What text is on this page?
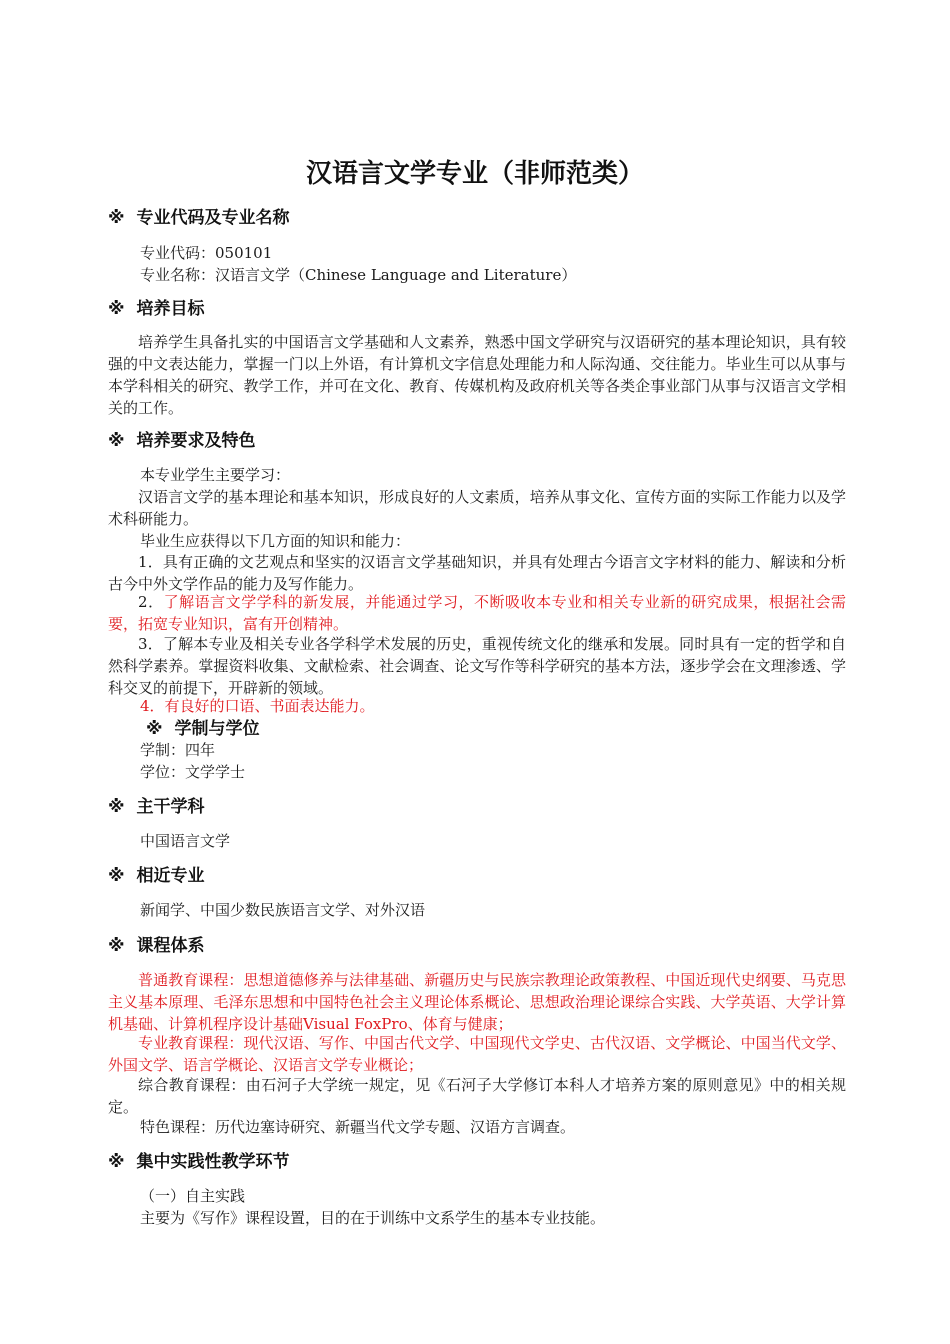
汉语言文学专业（非师范类）
※ 专业代码及专业名称
专业代码：050101
专业名称：汉语言文学（Chinese Language and Literature）
※ 培养目标
培养学生具备扎实的中国语言文学基础和人文素养，熟悉中国文学研究与汉语研究的基本理论知识，具有较强的中文表达能力，掌握一门以上外语，有计算机文字信息处理能力和人际沟通、交往能力。毕业生可以从事与本学科相关的研究、教学工作，并可在文化、教育、传媒机构及政府机关等各类企事业部门从事与汉语言文学相关的工作。
※ 培养要求及特色
本专业学生主要学习：
汉语言文学的基本理论和基本知识，形成良好的人文素质，培养从事文化、宣传方面的实际工作能力以及学术科研能力。
毕业生应获得以下几方面的知识和能力：
1．具有正确的文艺观点和坚实的汉语言文学基础知识，并具有处理古今语言文字材料的能力、解读和分析古今中外文学作品的能力及写作能力。
2．了解语言文学学科的新发展，并能通过学习，不断吸收本专业和相关专业新的研究成果，根据社会需要，拓宽专业知识，富有开创精神。
3．了解本专业及相关专业各学科学术发展的历史，重视传统文化的继承和发展。同时具有一定的哲学和自然科学素养。掌握资料收集、文献检索、社会调查、论文写作等科学研究的基本方法，逐步学会在文理渗透、学科交叉的前提下，开辟新的领域。
4．有良好的口语、书面表达能力。
※ 学制与学位
学制：四年
学位：文学学士
※ 主干学科
中国语言文学
※ 相近专业
新闻学、中国少数民族语言文学、对外汉语
※ 课程体系
普通教育课程：思想道德修养与法律基础、新疆历史与民族宗教理论政策教程、中国近现代史纲要、马克思主义基本原理、毛泽东思想和中国特色社会主义理论体系概论、思想政治理论课综合实践、大学英语、大学计算机基础、计算机程序设计基础Visual FoxPro、体育与健康；
专业教育课程：现代汉语、写作、中国古代文学、中国现代文学史、古代汉语、文学概论、中国当代文学、外国文学、语言学概论、汉语言文学专业概论；
综合教育课程：由石河子大学统一规定，见《石河子大学修订本科人才培养方案的原则意见》中的相关规定。
特色课程：历代边塞诗研究、新疆当代文学专题、汉语方言调查。
※ 集中实践性教学环节
（一）自主实践
主要为《写作》课程设置，目的在于训练中文系学生的基本专业技能。
